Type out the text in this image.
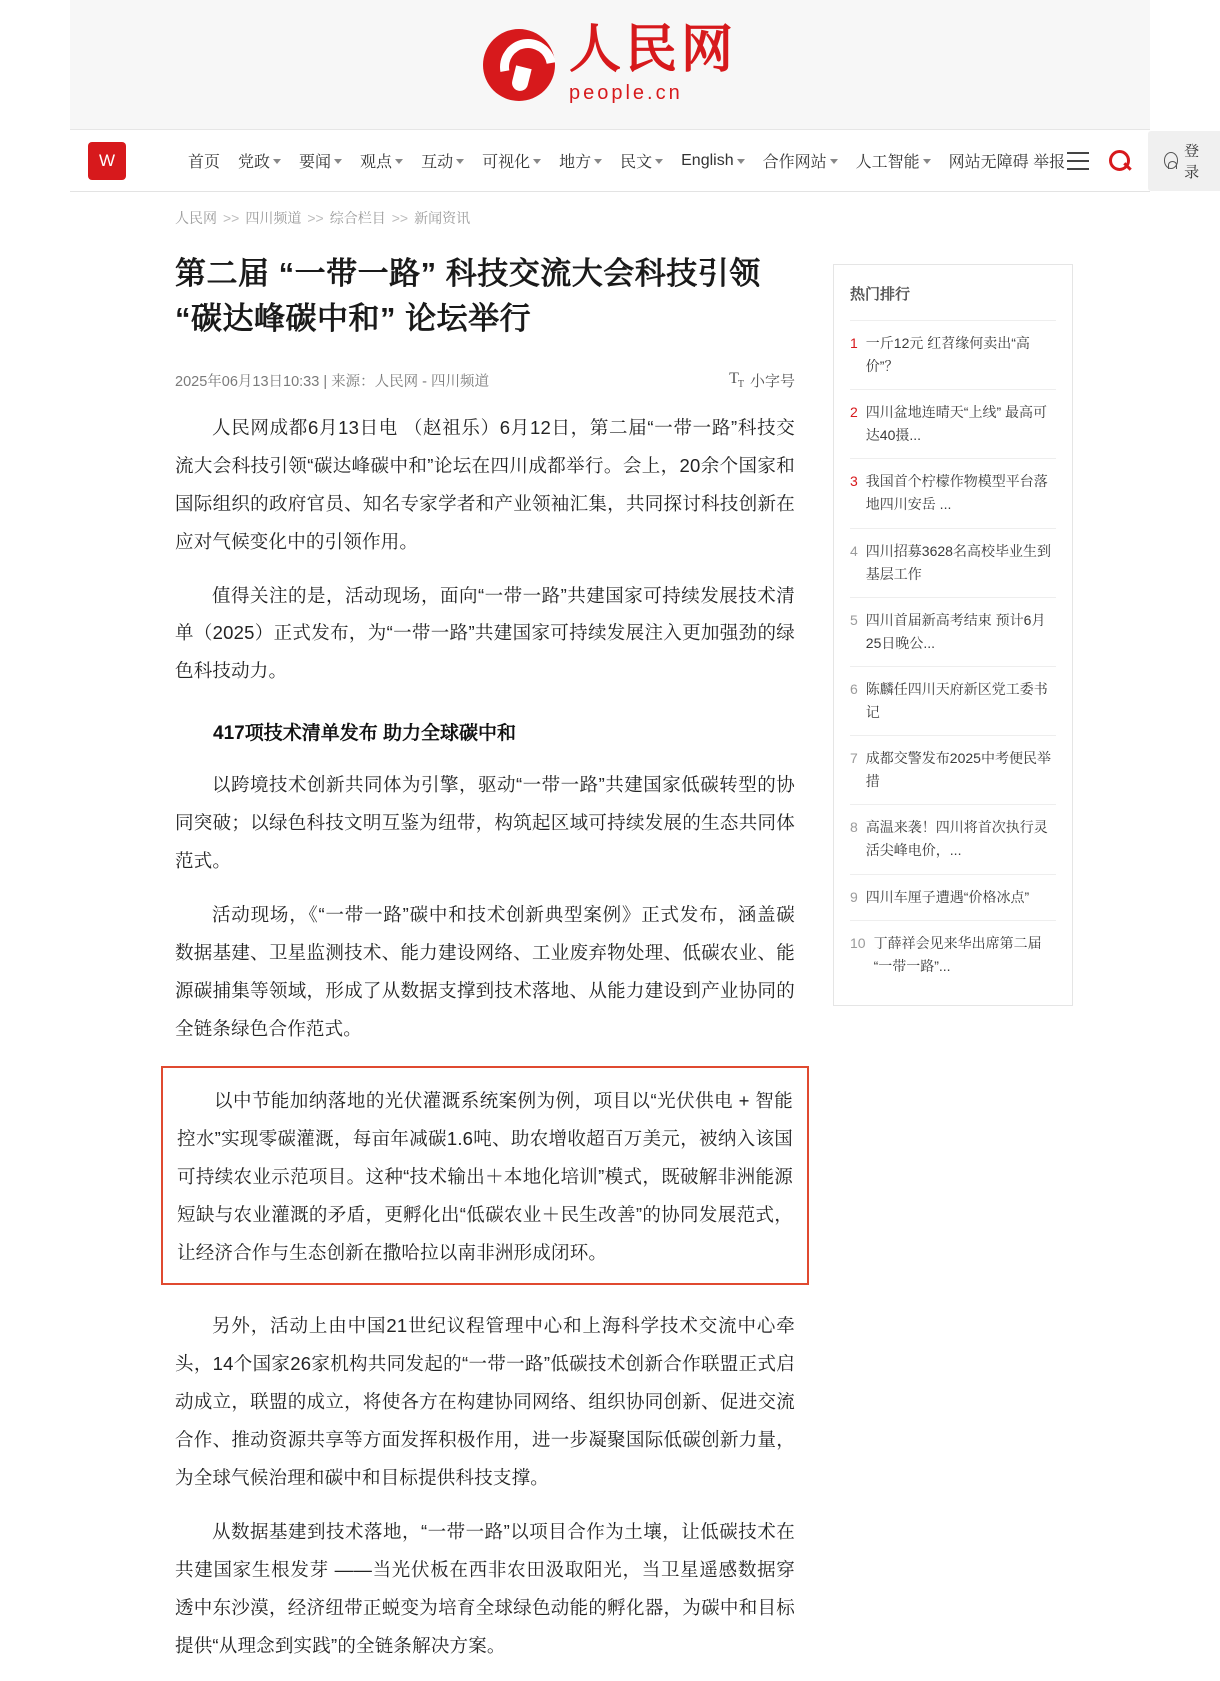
人民网
people.cn
W	首页 党政 要闻 观点 互动 可视化 地方 民文 English 合作网站 人工智能 网站无障碍 举报
登录
人民网 >> 四川频道 >> 综合栏目 >> 新闻资讯
第二届 “一带一路” 科技交流大会科技引领 “碳达峰碳中和” 论坛举行
2025年06月13日10:33 | 来源：人民网 - 四川频道	$T_T$ 小字号

人民网成都6月13日电 （赵祖乐）6月12日，第二届“一带一路”科技交流大会科技引领“碳达峰碳中和”论坛在四川成都举行。会上，20余个国家和国际组织的政府官员、知名专家学者和产业领袖汇集，共同探讨科技创新在应对气候变化中的引领作用。

值得关注的是，活动现场，面向“一带一路”共建国家可持续发展技术清单（2025）正式发布，为“一带一路”共建国家可持续发展注入更加强劲的绿色科技动力。

417项技术清单发布 助力全球碳中和

以跨境技术创新共同体为引擎，驱动“一带一路”共建国家低碳转型的协同突破；以绿色科技文明互鉴为纽带，构筑起区域可持续发展的生态共同体范式。

活动现场，《“一带一路”碳中和技术创新典型案例》正式发布，涵盖碳数据基建、卫星监测技术、能力建设网络、工业废弃物处理、低碳农业、能源碳捕集等领域，形成了从数据支撑到技术落地、从能力建设到产业协同的全链条绿色合作范式。

以中节能加纳落地的光伏灌溉系统案例为例，项目以“光伏供电 + 智能控水”实现零碳灌溉，每亩年减碳1.6吨、助农增收超百万美元，被纳入该国可持续农业示范项目。这种“技术输出＋本地化培训”模式，既破解非洲能源短缺与农业灌溉的矛盾，更孵化出“低碳农业＋民生改善”的协同发展范式，让经济合作与生态创新在撒哈拉以南非洲形成闭环。

另外，活动上由中国21世纪议程管理中心和上海科学技术交流中心牵头，14个国家26家机构共同发起的“一带一路”低碳技术创新合作联盟正式启动成立，联盟的成立，将使各方在构建协同网络、组织协同创新、促进交流合作、推动资源共享等方面发挥积极作用，进一步凝聚国际低碳创新力量，为全球气候治理和碳中和目标提供科技支撑。

从数据基建到技术落地，“一带一路”以项目合作为土壤，让低碳技术在共建国家生根发芽 ——当光伏板在西非农田汲取阳光，当卫星遥感数据穿透中东沙漠，经济纽带正蜕变为培育全球绿色动能的孵化器，为碳中和目标提供“从理念到实践”的全链条解决方案。

热门排行
1 一斤12元 红苕缘何卖出“高价”？
2 四川盆地连晴天“上线” 最高可达40摄...
3 我国首个柠檬作物模型平台落地四川安岳 ...
4 四川招募3628名高校毕业生到基层工作
5 四川首届新高考结束 预计6月25日晚公...
6 陈麟任四川天府新区党工委书记
7 成都交警发布2025中考便民举措
8 高温来袭！四川将首次执行灵活尖峰电价，...
9 四川车厘子遭遇“价格冰点”
10 丁薛祥会见来华出席第二届“一带一路”...
